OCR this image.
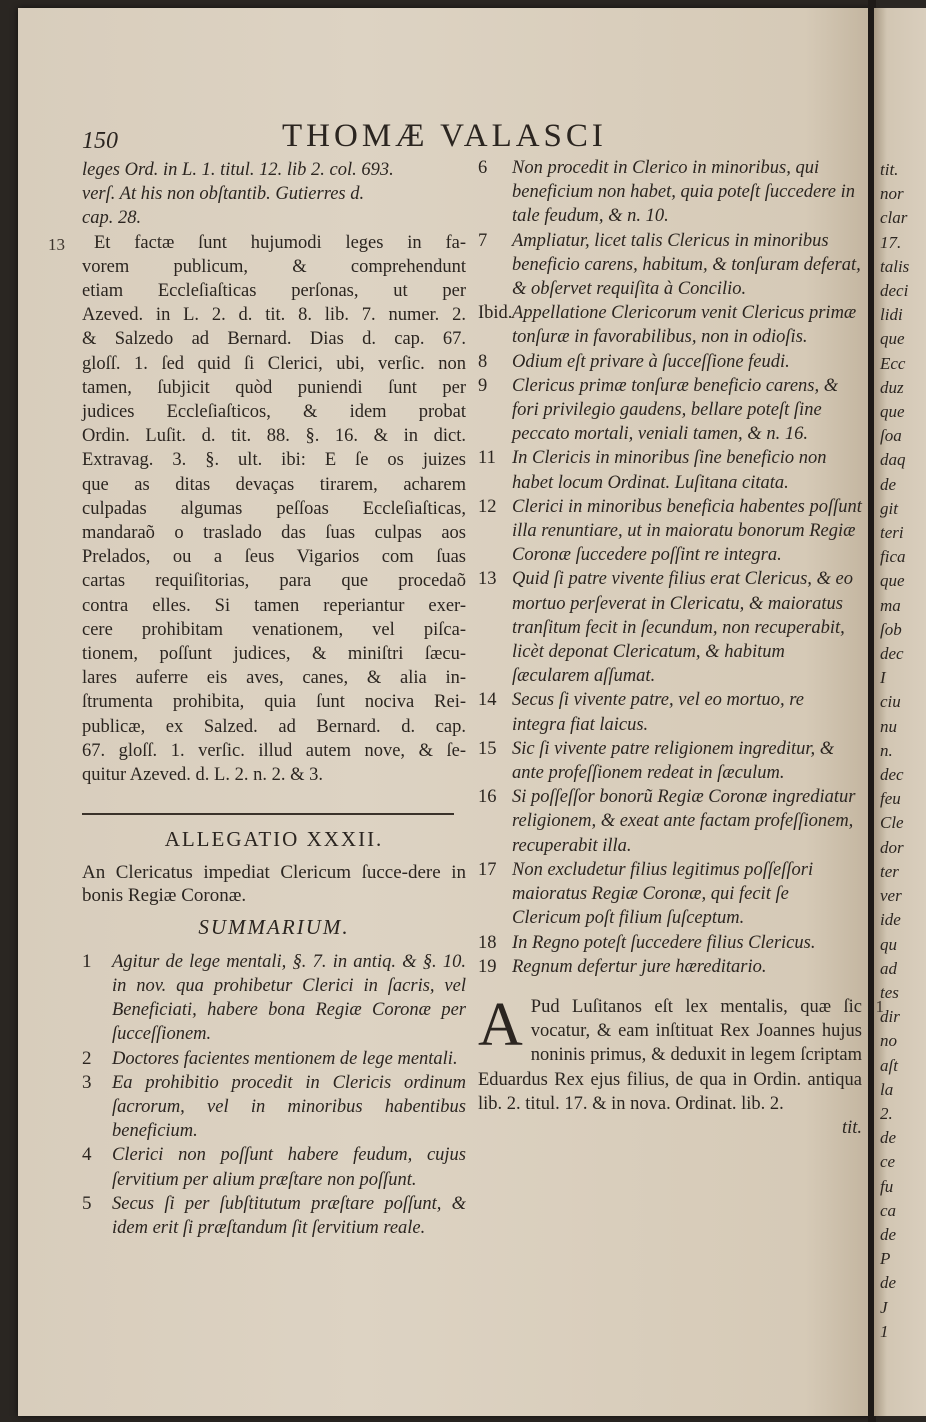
tit.
nor
clar
17.
talis
deci
lidi
que
Ecc
duz
que
ſoa
daq
de
git
teri
fica
que
ma
ſob
dec
I
ciu
nu
n.
dec
feu
Cle
dor
ter
ver
ide
qu
ad
tes
dir
no
aſt
la
2.
de
ce
fu
ca
de
P
de
J
1
150	THOMÆ VALASCI
leges Ord. in L. 1. titul. 12. lib 2. col. 693.
verſ. At his non obſtantib. Gutierres d.
cap. 28.
13	Et factæ ſunt hujumodi leges in fa-
vorem publicum, & comprehendunt
etiam Eccleſiaſticas perſonas, ut per
Azeved. in L. 2. d. tit. 8. lib. 7. numer. 2.
& Salzedo ad Bernard. Dias d. cap. 67.
gloſſ. 1. ſed quid ſi Clerici, ubi, verſic. non
tamen, ſubjicit quòd puniendi ſunt per
judices Eccleſiaſticos, & idem probat
Ordin. Luſit. d. tit. 88. §. 16. & in dict.
Extravag. 3. §. ult. ibi: E ſe os juizes
que as ditas devaças tirarem, acharem
culpadas algumas peſſoas Eccleſiaſticas,
mandaraõ o traslado das ſuas culpas aos
Prelados, ou a ſeus Vigarios com ſuas
cartas requiſitorias, para que procedaõ
contra elles. Si tamen reperiantur exer-
cere prohibitam venationem, vel piſca-
tionem, poſſunt judices, & miniſtri ſæcu-
lares auferre eis aves, canes, & alia in-
ſtrumenta prohibita, quia ſunt nociva Rei-
publicæ, ex Salzed. ad Bernard. d. cap.
67. gloſſ. 1. verſic. illud autem nove, & ſe-
quitur Azeved. d. L. 2. n. 2. & 3.
ALLEGATIO XXXII.
An Clericatus impediat Clericum ſucce-dere in bonis Regiæ Coronæ.
SUMMARIUM.
1	Agitur de lege mentali, §. 7. in antiq. & §. 10. in nov. qua prohibetur Clerici in ſacris, vel Beneficiati, habere bona Regiæ Coronæ per ſucceſſionem.
2	Doctores facientes mentionem de lege mentali.
3	Ea prohibitio procedit in Clericis ordinum ſacrorum, vel in minoribus habentibus beneficium.
4	Clerici non poſſunt habere feudum, cujus ſervitium per alium præſtare non poſſunt.
5	Secus ſi per ſubſtitutum præſtare poſſunt, & idem erit ſi præſtandum ſit ſervitium reale.
6	Non procedit in Clerico in minoribus, qui beneficium non habet, quia poteſt ſuccedere in tale feudum, & n. 10.
7	Ampliatur, licet talis Clericus in minoribus beneficio carens, habitum, & tonſuram deferat, & obſervet requiſita à Concilio.
Ibid. Appellatione Clericorum venit Clericus primæ tonſuræ in favorabilibus, non in odioſis.
8	Odium eſt privare à ſucceſſione feudi.
9	Clericus primæ tonſuræ beneficio carens, & fori privilegio gaudens, bellare poteſt ſine peccato mortali, veniali tamen, & n. 16.
11 In Clericis in minoribus ſine beneficio non habet locum Ordinat. Luſitana citata.
12 Clerici in minoribus beneficia habentes poſſunt illa renuntiare, ut in maioratu bonorum Regiæ Coronæ ſuccedere poſſint re integra.
13 Quid ſi patre vivente filius erat Clericus, & eo mortuo perſeverat in Clericatu, & maioratus tranſitum fecit in ſecundum, non recuperabit, licèt deponat Clericatum, & habitum ſæcularem aſſumat.
14 Secus ſi vivente patre, vel eo mortuo, re integra fiat laicus.
15 Sic ſi vivente patre religionem ingreditur, & ante profeſſionem redeat in ſæculum.
16 Si poſſeſſor bonorũ Regiæ Coronæ ingrediatur religionem, & exeat ante factam profeſſionem, recuperabit illa.
17 Non excludetur filius legitimus poſſeſſori maioratus Regiæ Coronæ, qui fecit ſe Clericum poſt filium ſuſceptum.
18 In Regno poteſt ſuccedere filius Clericus.
19 Regnum defertur jure hæreditario.
1
A Pud Luſitanos eſt lex mentalis, quæ ſic vocatur, & eam inſtituat Rex Joannes hujus noninis primus, & deduxit in legem ſcriptam Eduardus Rex ejus filius, de qua in Ordin. antiqua lib. 2. titul. 17. & in nova. Ordinat. lib. 2.
tit.
